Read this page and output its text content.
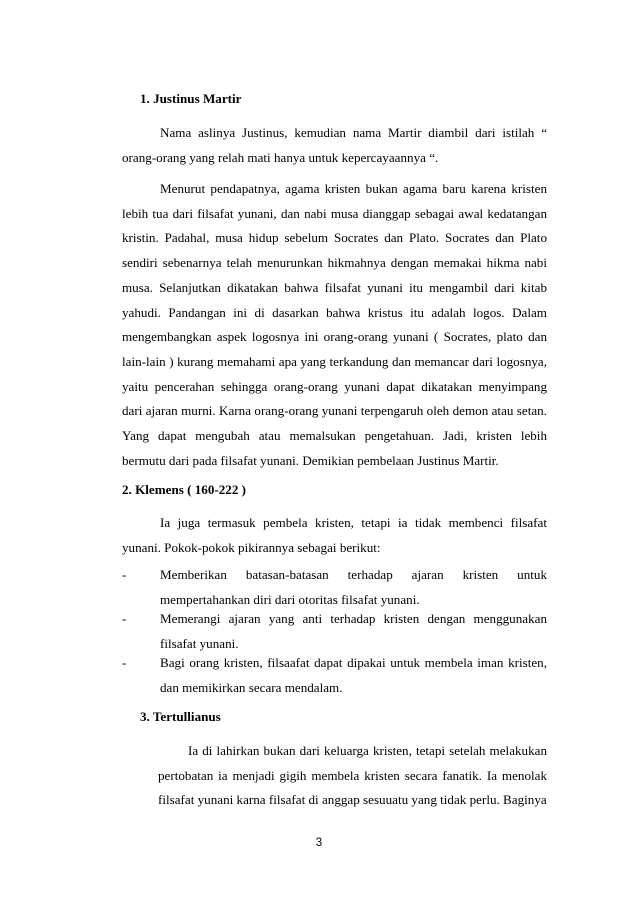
1. Justinus Martir

Nama aslinya Justinus, kemudian nama Martir diambil dari istilah “ orang-orang yang relah mati hanya untuk kepercayaannya “.

Menurut pendapatnya, agama kristen bukan agama baru karena kristen lebih tua dari filsafat yunani, dan nabi musa dianggap sebagai awal kedatangan kristin. Padahal, musa hidup sebelum Socrates dan Plato. Socrates dan Plato sendiri sebenarnya telah menurunkan hikmahnya dengan memakai hikma nabi musa. Selanjutkan dikatakan bahwa filsafat yunani itu mengambil dari kitab yahudi. Pandangan ini di dasarkan bahwa kristus itu adalah logos. Dalam mengembangkan aspek logosnya ini orang-orang yunani ( Socrates, plato dan lain-lain ) kurang memahami apa yang terkandung dan memancar dari logosnya, yaitu pencerahan sehingga orang-orang yunani dapat dikatakan menyimpang dari ajaran murni. Karna orang-orang yunani terpengaruh oleh demon atau setan. Yang dapat mengubah atau memalsukan pengetahuan. Jadi, kristen lebih bermutu dari pada filsafat yunani. Demikian pembelaan Justinus Martir.

2. Klemens ( 160-222 )

Ia juga termasuk pembela kristen, tetapi ia tidak membenci filsafat yunani. Pokok-pokok pikirannya sebagai berikut:

-	Memberikan batasan-batasan terhadap ajaran kristen untuk mempertahankan diri dari otoritas filsafat yunani.
-	Memerangi ajaran yang anti terhadap kristen dengan menggunakan filsafat yunani.
-	Bagi orang kristen, filsaafat dapat dipakai untuk membela iman kristen, dan memikirkan secara mendalam.
3. Tertullianus

Ia di lahirkan bukan dari keluarga kristen, tetapi setelah melakukan pertobatan ia menjadi gigih membela kristen secara fanatik. Ia menolak filsafat yunani karna filsafat di anggap sesuuatu yang tidak perlu. Baginya

3
